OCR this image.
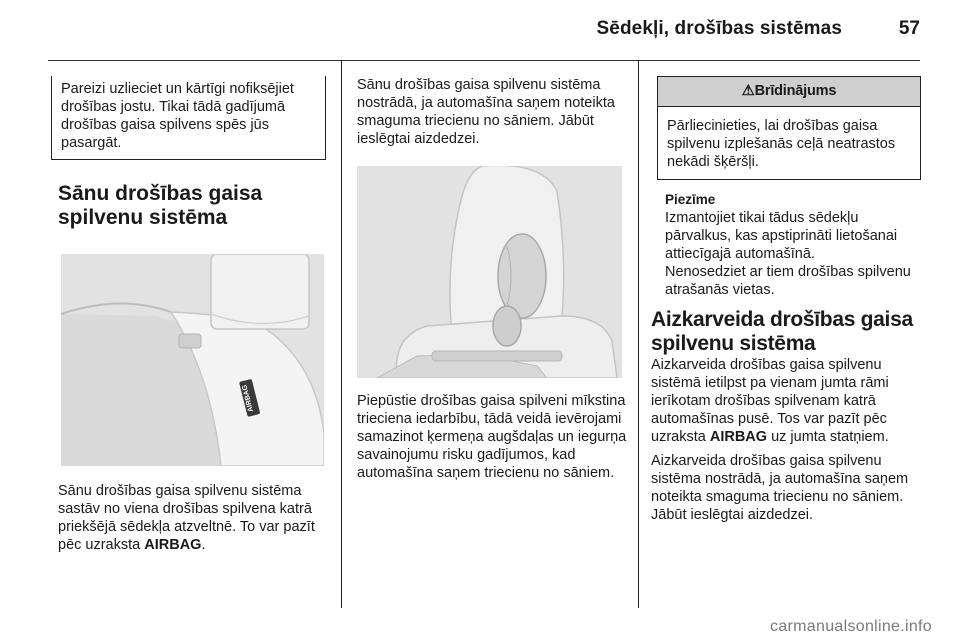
Sēdekļi, drošības sistēmas	57
Pareizi uzlieciet un kārtīgi nofiksējiet drošības jostu. Tikai tādā gadījumā drošības gaisa spilvens spēs jūs pasargāt.
Sānu drošības gaisa spilvenu sistēma
AIRBAG

Sānu drošības gaisa spilvenu sistēma sastāv no viena drošības spilvena katrā priekšējā sēdekļa atzveltnē. To var pazīt pēc uzraksta AIRBAG.

Sānu drošības gaisa spilvenu sistēma nostrādā, ja automašīna saņem noteikta smaguma triecienu no sāniem. Jābūt ieslēgtai aizdedzei.

Piepūstie drošības gaisa spilveni mīkstina trieciena iedarbību, tādā veidā ievērojami samazinot ķermeņa augšdaļas un iegurņa savainojumu risku gadījumos, kad automašīna saņem triecienu no sāniem.

⚠Brīdinājums
Pārliecinieties, lai drošības gaisa spilvenu izplešanās ceļā neatrastos nekādi šķēršļi.
Piezīme
Izmantojiet tikai tādus sēdekļu pārvalkus, kas apstiprināti lietošanai attiecīgajā automašīnā.
Nenosedziet ar tiem drošības spilvenu atrašanās vietas.
Aizkarveida drošības gaisa spilvenu sistēma

Aizkarveida drošības gaisa spilvenu sistēmā ietilpst pa vienam jumta rāmi ierīkotam drošības spilvenam katrā automašīnas pusē. Tos var pazīt pēc uzraksta AIRBAG uz jumta statņiem.

Aizkarveida drošības gaisa spilvenu sistēma nostrādā, ja automašīna saņem noteikta smaguma triecienu no sāniem. Jābūt ieslēgtai aizdedzei.

carmanualsonline.info
